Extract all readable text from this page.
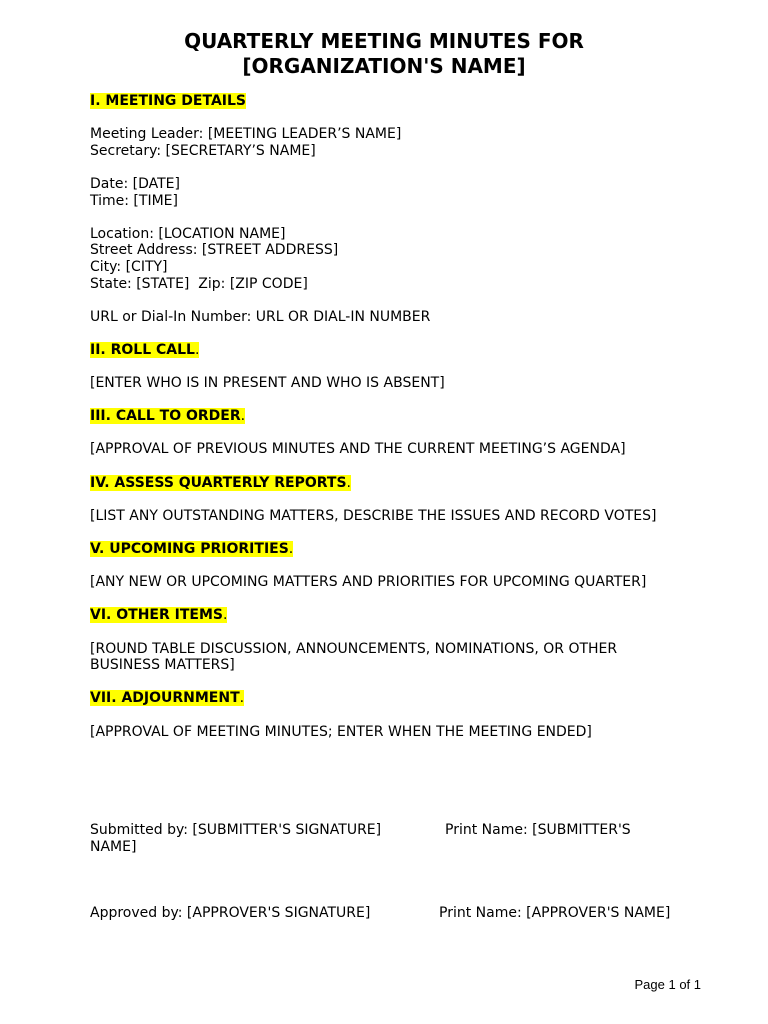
QUARTERLY MEETING MINUTES FOR
[ORGANIZATION'S NAME]

I. MEETING DETAILS

Meeting Leader: [MEETING LEADER’S NAME]

Secretary: [SECRETARY’S NAME]

Date: [DATE]

Time: [TIME]

Location: [LOCATION NAME]

Street Address: [STREET ADDRESS]

City: [CITY]

State: [STATE]  Zip: [ZIP CODE]

URL or Dial-In Number: URL OR DIAL-IN NUMBER

II. ROLL CALL.

[ENTER WHO IS IN PRESENT AND WHO IS ABSENT]

III. CALL TO ORDER.

[APPROVAL OF PREVIOUS MINUTES AND THE CURRENT MEETING’S AGENDA]

IV. ASSESS QUARTERLY REPORTS.

[LIST ANY OUTSTANDING MATTERS, DESCRIBE THE ISSUES AND RECORD VOTES]

V. UPCOMING PRIORITIES.

[ANY NEW OR UPCOMING MATTERS AND PRIORITIES FOR UPCOMING QUARTER]

VI. OTHER ITEMS.

[ROUND TABLE DISCUSSION, ANNOUNCEMENTS, NOMINATIONS, OR OTHER

BUSINESS MATTERS]

VII. ADJOURNMENT.

[APPROVAL OF MEETING MINUTES; ENTER WHEN THE MEETING ENDED]

Submitted by: [SUBMITTER'S SIGNATURE]	Print Name: [SUBMITTER'S

NAME]

Approved by: [APPROVER'S SIGNATURE]	Print Name: [APPROVER'S NAME]
Page 1 of 1
